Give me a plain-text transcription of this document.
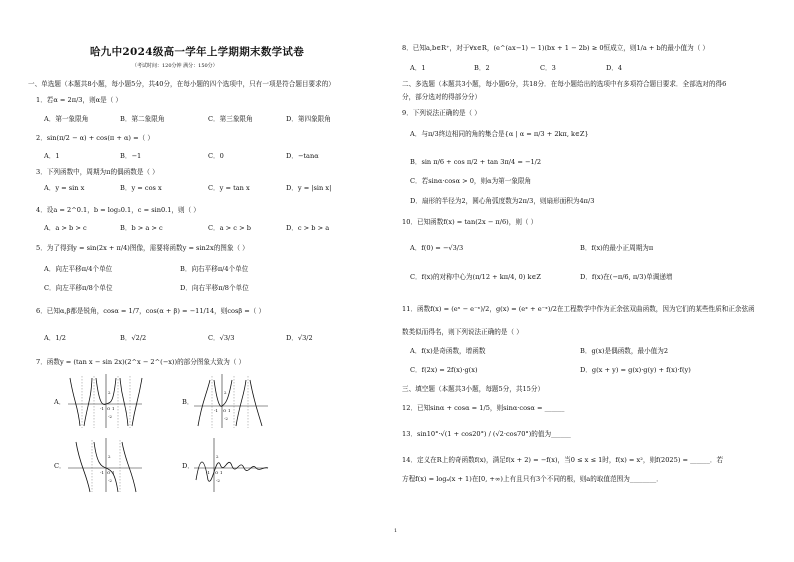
哈九中2024级高一学年上学期期末数学试卷
（考试时间：120分钟 满分：150分）
一、单选题（本题共8小题，每小题5分，共40分，在每小题的四个选项中，只有一项是符合题目要求的）
1．若α = 2π/3，则α是（ ）
A．第一象限角	B．第二象限角	C．第三象限角	D．第四象限角
2．sin(π/2 − α) + cos(π + α) =（ ）
A．1	B．−1	C．0	D．−tanα
3．下列函数中，周期为π的偶函数是（ ）
A．y = sin x	B．y = cos x	C．y = tan x	D．y = |sin x|
4．设a = 2^0.1，b = log₂0.1，c = sin0.1，则（ ）
A．a > b > c	B．b > a > c	C．a > c > b	D．c > b > a
5．为了得到y = sin(2x + π/4)图像，需要将函数y = sin2x的图象（ ）
A．向左平移π/4个单位	B．向右平移π/4个单位
C．向左平移π/8个单位	D．向右平移π/8个单位
6．已知α,β都是锐角，cosα = 1/7，cos(α + β) = −11/14，则cosβ =（ ）
A．1/2	B．√2/2	C．√3/3	D．√3/2
7．函数y = (tan x − sin 2x)(2^x − 2^(−x))的部分图象大致为（ ）
A．	B．
C．	D．
-1 O 1
2
-2
-1 O 1
2
-2
-1 O 1
2
-2
-1 O 1
2
-2
8．已知a,b∈R⁺，对于∀x∈R，(e^(ax−1) − 1)(bx + 1 − 2b) ≥ 0恒成立，则1/a + b的最小值为（ ）
A．1	B．2	C．3	D．4
二、多选题（本题共3小题，每小题6分，共18分．在每小题给出的选项中有多项符合题目要求．全部选对的得6
分，部分选对的得部分分）
9．下列说法正确的是（ ）
A．与π/3终边相同的角的集合是{α | α = π/3 + 2kπ, k∈Z}
B．sin π/6 + cos π/2 + tan 3π/4 = −1/2
C．若sinα·cosα > 0，则α为第一象限角
D．扇形的半径为2，圆心角弧度数为2π/3，则扇形面积为4π/3
10．已知函数f(x) = tan(2x − π/6)，则（ ）
A．f(0) = −√3/3	B．f(x)的最小正周期为π
C．f(x)的对称中心为(π/12 + kπ/4, 0) k∈Z	D．f(x)在(−π/6, π/3)单调递增
11．函数f(x) = (eˣ − e⁻ˣ)/2，g(x) = (eˣ + e⁻ˣ)/2在工程数学中作为正余弦双曲函数，因为它们的某些性质和正余弦函
数类似而得名，则下列说法正确的是（ ）
A．f(x)是奇函数，增函数	B．g(x)是偶函数，最小值为2
C．f(2x) = 2f(x)·g(x)	D．g(x + y) = g(x)·g(y) + f(x)·f(y)
三、填空题（本题共3小题，每题5分，共15分）
12．已知sinα + cosα = 1/5，则sinα·cosα = ______
13．sin10°·√(1 + cos20°) / (√2·cos70°)的值为______
14．定义在R上的奇函数f(x)，满足f(x + 2) = −f(x)，当0 ≤ x ≤ 1时，f(x) = x²，则f(2025) = ______．若
方程f(x) = logₐ(x + 1)在[0, +∞)上有且只有3个不同的根，则a的取值范围为________．
1
